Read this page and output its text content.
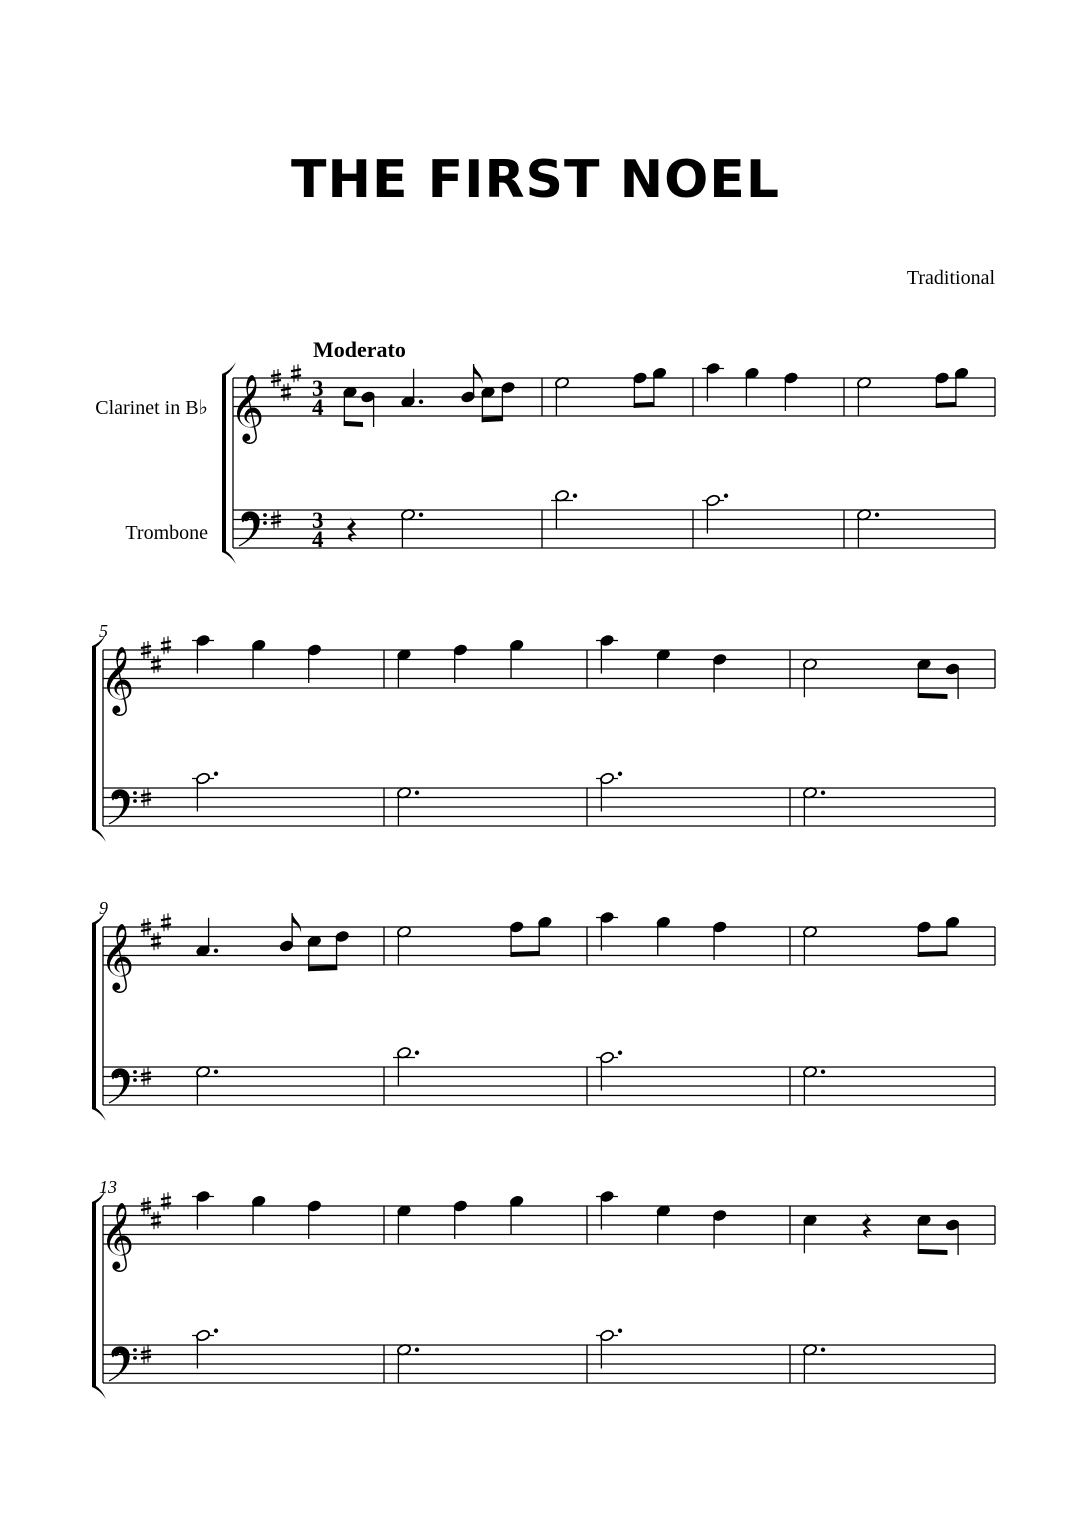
THE FIRST NOEL
Traditional
𝄞 3
4
3
4
Moderato
Clarinet in B♭
Trombone
𝄞
5
𝄞
9
𝄞
13
